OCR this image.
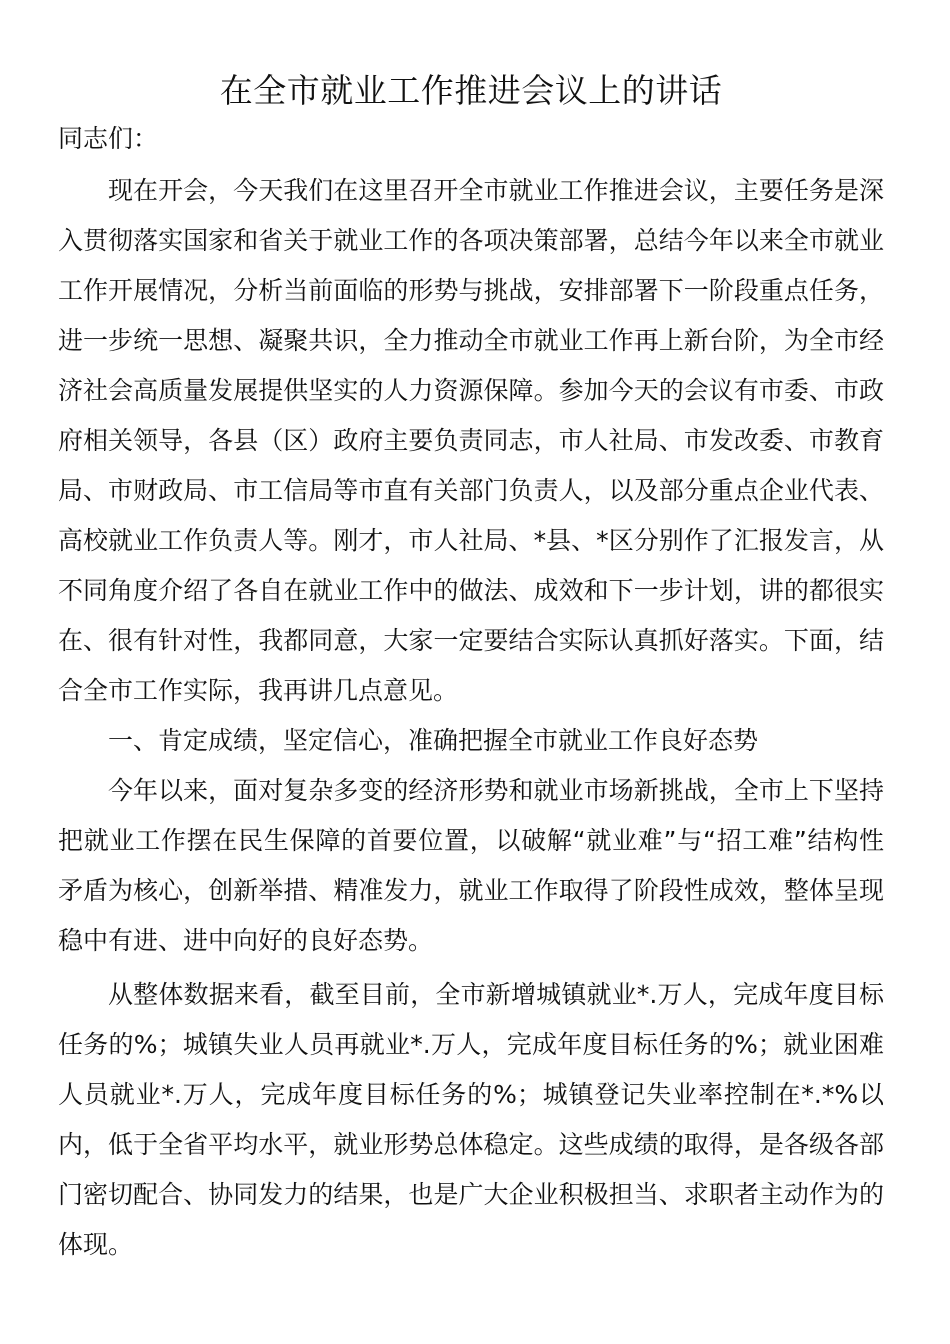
在全市就业工作推进会议上的讲话

同志们：

现在开会，今天我们在这里召开全市就业工作推进会议，主要任务是深入贯彻落实国家和省关于就业工作的各项决策部署，总结今年以来全市就业工作开展情况，分析当前面临的形势与挑战，安排部署下一阶段重点任务，进一步统一思想、凝聚共识，全力推动全市就业工作再上新台阶，为全市经济社会高质量发展提供坚实的人力资源保障。参加今天的会议有市委、市政府相关领导，各县（区）政府主要负责同志，市人社局、市发改委、市教育局、市财政局、市工信局等市直有关部门负责人，以及部分重点企业代表、高校就业工作负责人等。刚才，市人社局、*县、*区分别作了汇报发言，从不同角度介绍了各自在就业工作中的做法、成效和下一步计划，讲的都很实在、很有针对性，我都同意，大家一定要结合实际认真抓好落实。下面，结合全市工作实际，我再讲几点意见。

一、肯定成绩，坚定信心，准确把握全市就业工作良好态势

今年以来，面对复杂多变的经济形势和就业市场新挑战，全市上下坚持把就业工作摆在民生保障的首要位置，以破解“就业难”与“招工难”结构性矛盾为核心，创新举措、精准发力，就业工作取得了阶段性成效，整体呈现稳中有进、进中向好的良好态势。

从整体数据来看，截至目前，全市新增城镇就业*.万人，完成年度目标任务的%；城镇失业人员再就业*.万人，完成年度目标任务的%；就业困难人员就业*.万人，完成年度目标任务的%；城镇登记失业率控制在*.*%以内，低于全省平均水平，就业形势总体稳定。这些成绩的取得，是各级各部门密切配合、协同发力的结果，也是广大企业积极担当、求职者主动作为的体现。
